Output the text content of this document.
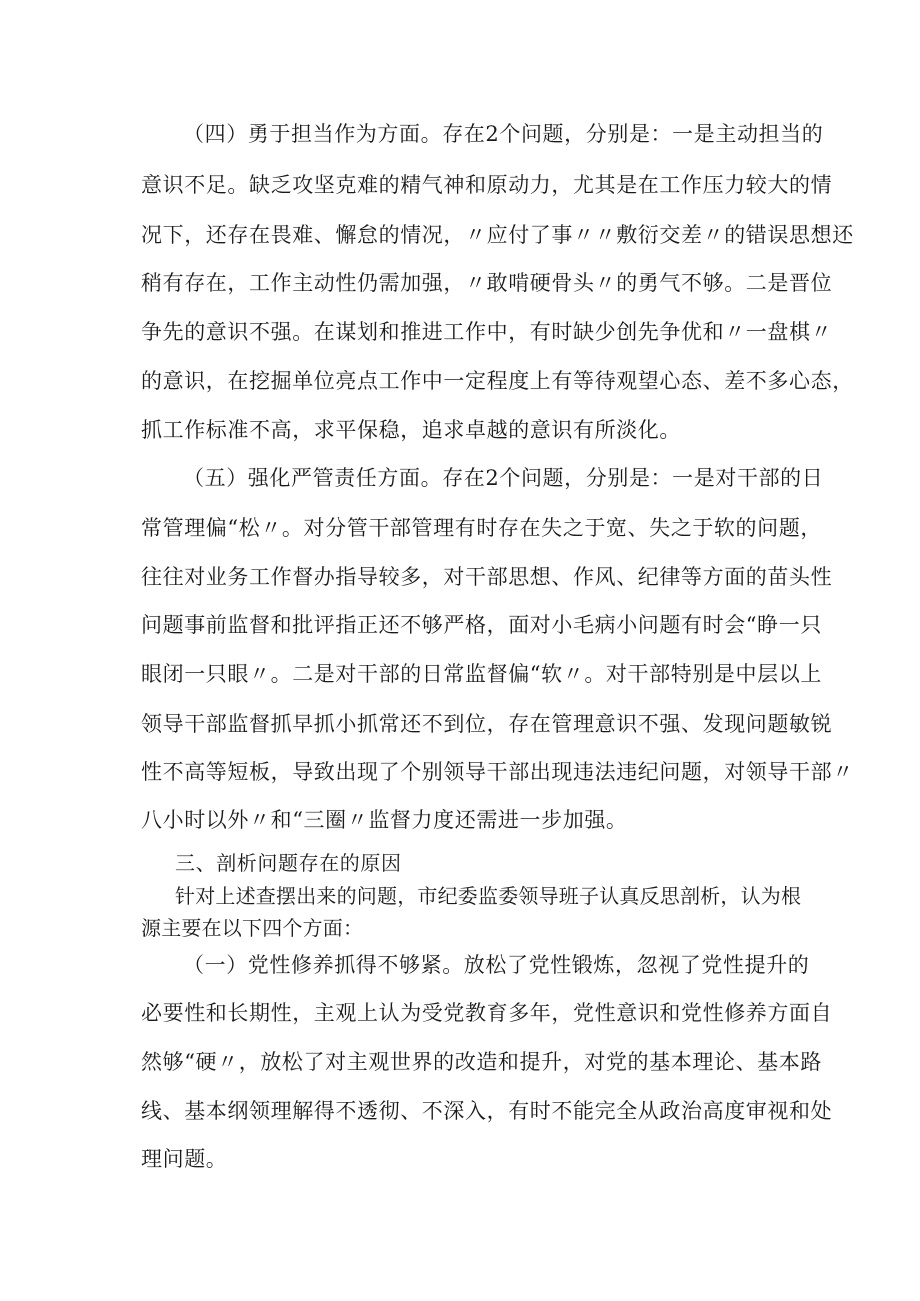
（四）勇于担当作为方面。存在2个问题，分别是：一是主动担当的
意识不足。缺乏攻坚克难的精气神和原动力，尤其是在工作压力较大的情
况下，还存在畏难、懈怠的情况，〃应付了事〃〃敷衍交差〃的错误思想还
稍有存在，工作主动性仍需加强，〃敢啃硬骨头〃的勇气不够。二是晋位
争先的意识不强。在谋划和推进工作中，有时缺少创先争优和〃一盘棋〃
的意识，在挖掘单位亮点工作中一定程度上有等待观望心态、差不多心态，
抓工作标准不高，求平保稳，追求卓越的意识有所淡化。
（五）强化严管责任方面。存在2个问题，分别是：一是对干部的日
常管理偏“松〃。对分管干部管理有时存在失之于宽、失之于软的问题，
往往对业务工作督办指导较多，对干部思想、作风、纪律等方面的苗头性
问题事前监督和批评指正还不够严格，面对小毛病小问题有时会“睁一只
眼闭一只眼〃。二是对干部的日常监督偏“软〃。对干部特别是中层以上
领导干部监督抓早抓小抓常还不到位，存在管理意识不强、发现问题敏锐
性不高等短板，导致出现了个别领导干部出现违法违纪问题，对领导干部〃
八小时以外〃和“三圈〃监督力度还需进一步加强。
三、剖析问题存在的原因
针对上述查摆出来的问题，市纪委监委领导班子认真反思剖析，认为根
源主要在以下四个方面：
（一）党性修养抓得不够紧。放松了党性锻炼，忽视了党性提升的
必要性和长期性，主观上认为受党教育多年，党性意识和党性修养方面自
然够“硬〃，放松了对主观世界的改造和提升，对党的基本理论、基本路
线、基本纲领理解得不透彻、不深入，有时不能完全从政治高度审视和处
理问题。
